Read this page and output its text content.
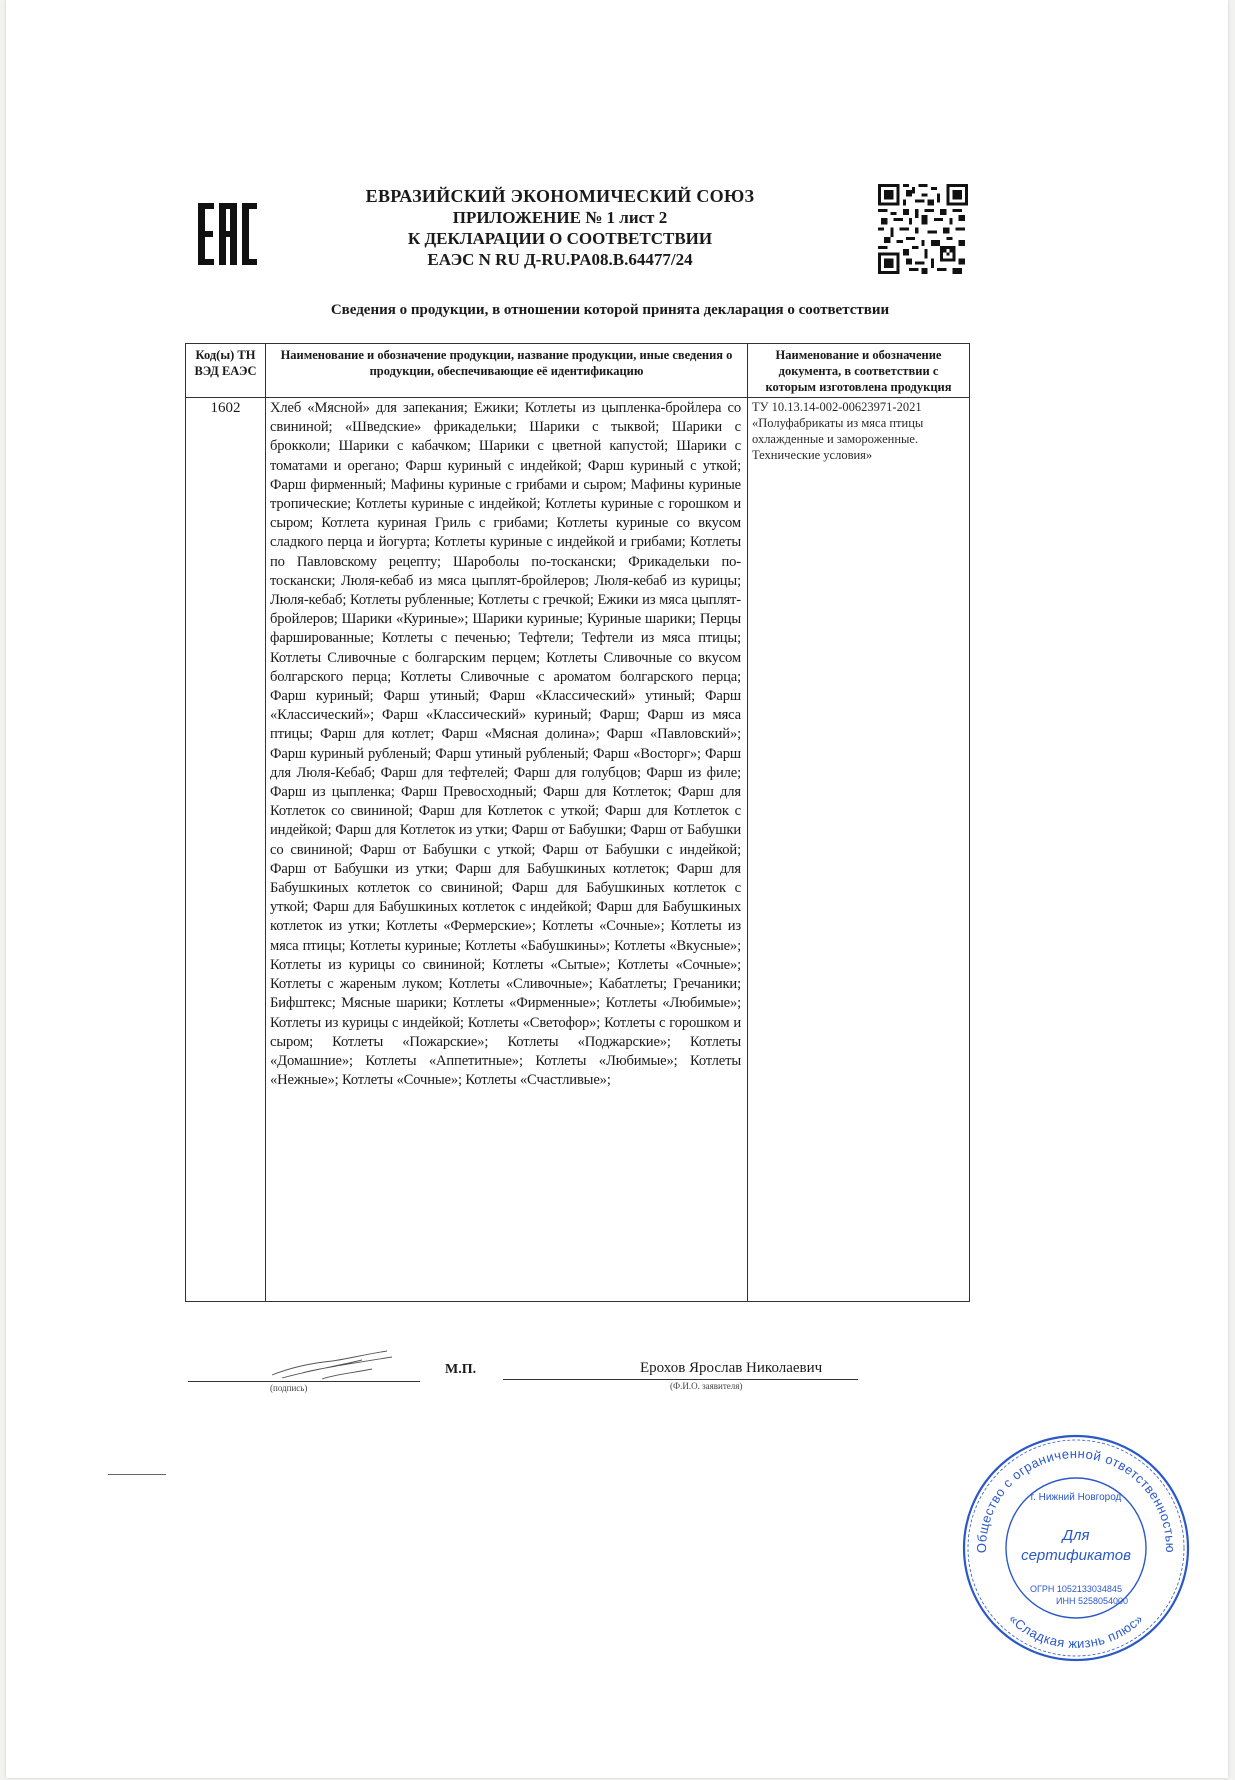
ЕВРАЗИЙСКИЙ ЭКОНОМИЧЕСКИЙ СОЮЗ
ПРИЛОЖЕНИЕ № 1 лист 2
К ДЕКЛАРАЦИИ О СООТВЕТСТВИИ
ЕАЭС N RU Д-RU.PA08.B.64477/24
Сведения о продукции, в отношении которой принята декларация о соответствии
Код(ы) ТН ВЭД ЕАЭС	Наименование и обозначение продукции, название продукции, иные сведения о продукции, обеспечивающие её идентификацию	Наименование и обозначение документа, в соответствии с которым изготовлена продукция
1602	Хлеб «Мясной» для запекания; Ежики; Котлеты из цыпленка-бройлера со свининой; «Шведские» фрикадельки; Шарики с тыквой; Шарики с брокколи; Шарики с кабачком; Шарики с цветной капустой; Шарики с томатами и орегано; Фарш куриный с индейкой; Фарш куриный с уткой; Фарш фирменный; Мафины куриные с грибами и сыром; Мафины куриные тропические; Котлеты куриные с индейкой; Котлеты куриные с горошком и сыром; Котлета куриная Гриль с грибами; Котлеты куриные со вкусом сладкого перца и йогурта; Котлеты куриные с индейкой и грибами; Котлеты по Павловскому рецепту; Шароболы по-тоскански; Фрикадельки по-тоскански; Люля-кебаб из мяса цыплят-бройлеров; Люля-кебаб из курицы; Люля-кебаб; Котлеты рубленные; Котлеты с гречкой; Ежики из мяса цыплят-бройлеров; Шарики «Куриные»; Шарики куриные; Куриные шарики; Перцы фаршированные; Котлеты с печенью; Тефтели; Тефтели из мяса птицы; Котлеты Сливочные с болгарским перцем; Котлеты Сливочные со вкусом болгарского перца; Котлеты Сливочные с ароматом болгарского перца; Фарш куриный; Фарш утиный; Фарш «Классический» утиный; Фарш «Классический»; Фарш «Классический» куриный; Фарш; Фарш из мяса птицы; Фарш для котлет; Фарш «Мясная долина»; Фарш «Павловский»; Фарш куриный рубленый; Фарш утиный рубленый; Фарш «Восторг»; Фарш для Люля-Кебаб; Фарш для тефтелей; Фарш для голубцов; Фарш из филе; Фарш из цыпленка; Фарш Превосходный; Фарш для Котлеток; Фарш для Котлеток со свининой; Фарш для Котлеток с уткой; Фарш для Котлеток с индейкой; Фарш для Котлеток из утки; Фарш от Бабушки; Фарш от Бабушки со свининой; Фарш от Бабушки с уткой; Фарш от Бабушки с индейкой; Фарш от Бабушки из утки; Фарш для Бабушкиных котлеток; Фарш для Бабушкиных котлеток со свининой; Фарш для Бабушкиных котлеток с уткой; Фарш для Бабушкиных котлеток с индейкой; Фарш для Бабушкиных котлеток из утки; Котлеты «Фермерские»; Котлеты «Сочные»; Котлеты из мяса птицы; Котлеты куриные; Котлеты «Бабушкины»; Котлеты «Вкусные»; Котлеты из курицы со свининой; Котлеты «Сытые»; Котлеты «Сочные»; Котлеты с жареным луком; Котлеты «Сливочные»; Кабатлеты; Гречаники; Бифштекс; Мясные шарики; Котлеты «Фирменные»; Котлеты «Любимые»; Котлеты из курицы с индейкой; Котлеты «Светофор»; Котлеты с горошком и сыром; Котлеты «Пожарские»; Котлеты «Поджарские»; Котлеты «Домашние»; Котлеты «Аппетитные»; Котлеты «Любимые»; Котлеты «Нежные»; Котлеты «Сочные»; Котлеты «Счастливые»;	ТУ 10.13.14-002-00623971-2021 «Полуфабрикаты из мяса птицы охлажденные и замороженные. Технические условия»
(подпись)
М.П.	Ерохов Ярослав Николаевич
(Ф.И.О. заявителя)
Общество с ограниченной ответственностью
«Сладкая жизнь плюс»
г. Нижний Новгород
Для
сертификатов
ОГРН 1052133034845
ИНН 5258054000
